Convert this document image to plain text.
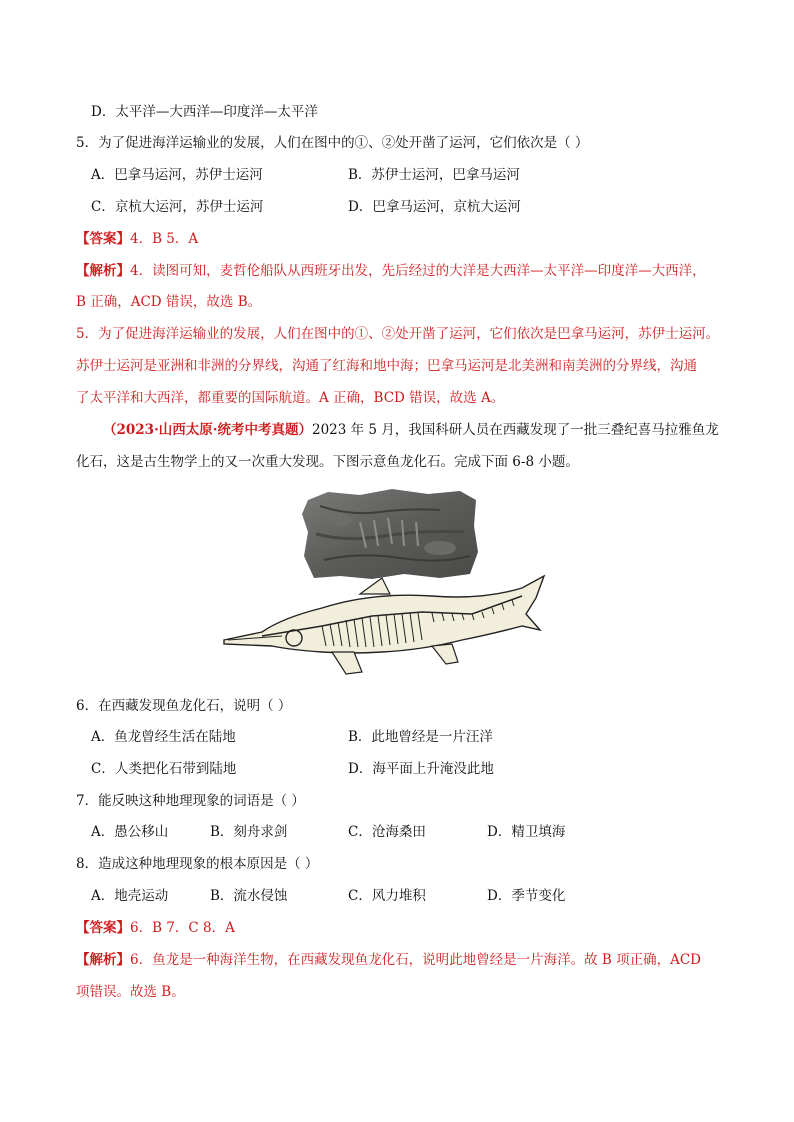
D．太平洋—大西洋—印度洋—太平洋
5．为了促进海洋运输业的发展，人们在图中的①、②处开凿了运河，它们依次是（ ）
A．巴拿马运河，苏伊士运河	B．苏伊士运河，巴拿马运河
C．京杭大运河，苏伊士运河	D．巴拿马运河，京杭大运河
【答案】4．B 5．A
【解析】4．读图可知，麦哲伦船队从西班牙出发，先后经过的大洋是大西洋—太平洋—印度洋—大西洋，
B 正确，ACD 错误，故选 B。
5．为了促进海洋运输业的发展，人们在图中的①、②处开凿了运河，它们依次是巴拿马运河，苏伊士运河。
苏伊士运河是亚洲和非洲的分界线，沟通了红海和地中海；巴拿马运河是北美洲和南美洲的分界线，沟通
了太平洋和大西洋，都重要的国际航道。A 正确，BCD 错误，故选 A。
（2023·山西太原·统考中考真题）2023 年 5 月，我国科研人员在西藏发现了一批三叠纪喜马拉雅鱼龙
化石，这是古生物学上的又一次重大发现。下图示意鱼龙化石。完成下面 6-8 小题。
6．在西藏发现鱼龙化石，说明（ ）
A．鱼龙曾经生活在陆地	B．此地曾经是一片汪洋
C．人类把化石带到陆地	D．海平面上升淹没此地
7．能反映这种地理现象的词语是（ ）
A．愚公移山	B．刻舟求剑	C．沧海桑田	D．精卫填海
8．造成这种地理现象的根本原因是（ ）
A．地壳运动	B．流水侵蚀	C．风力堆积	D．季节变化
【答案】6．B 7．C 8．A
【解析】6．鱼龙是一种海洋生物，在西藏发现鱼龙化石，说明此地曾经是一片海洋。故 B 项正确，ACD
项错误。故选 B。
